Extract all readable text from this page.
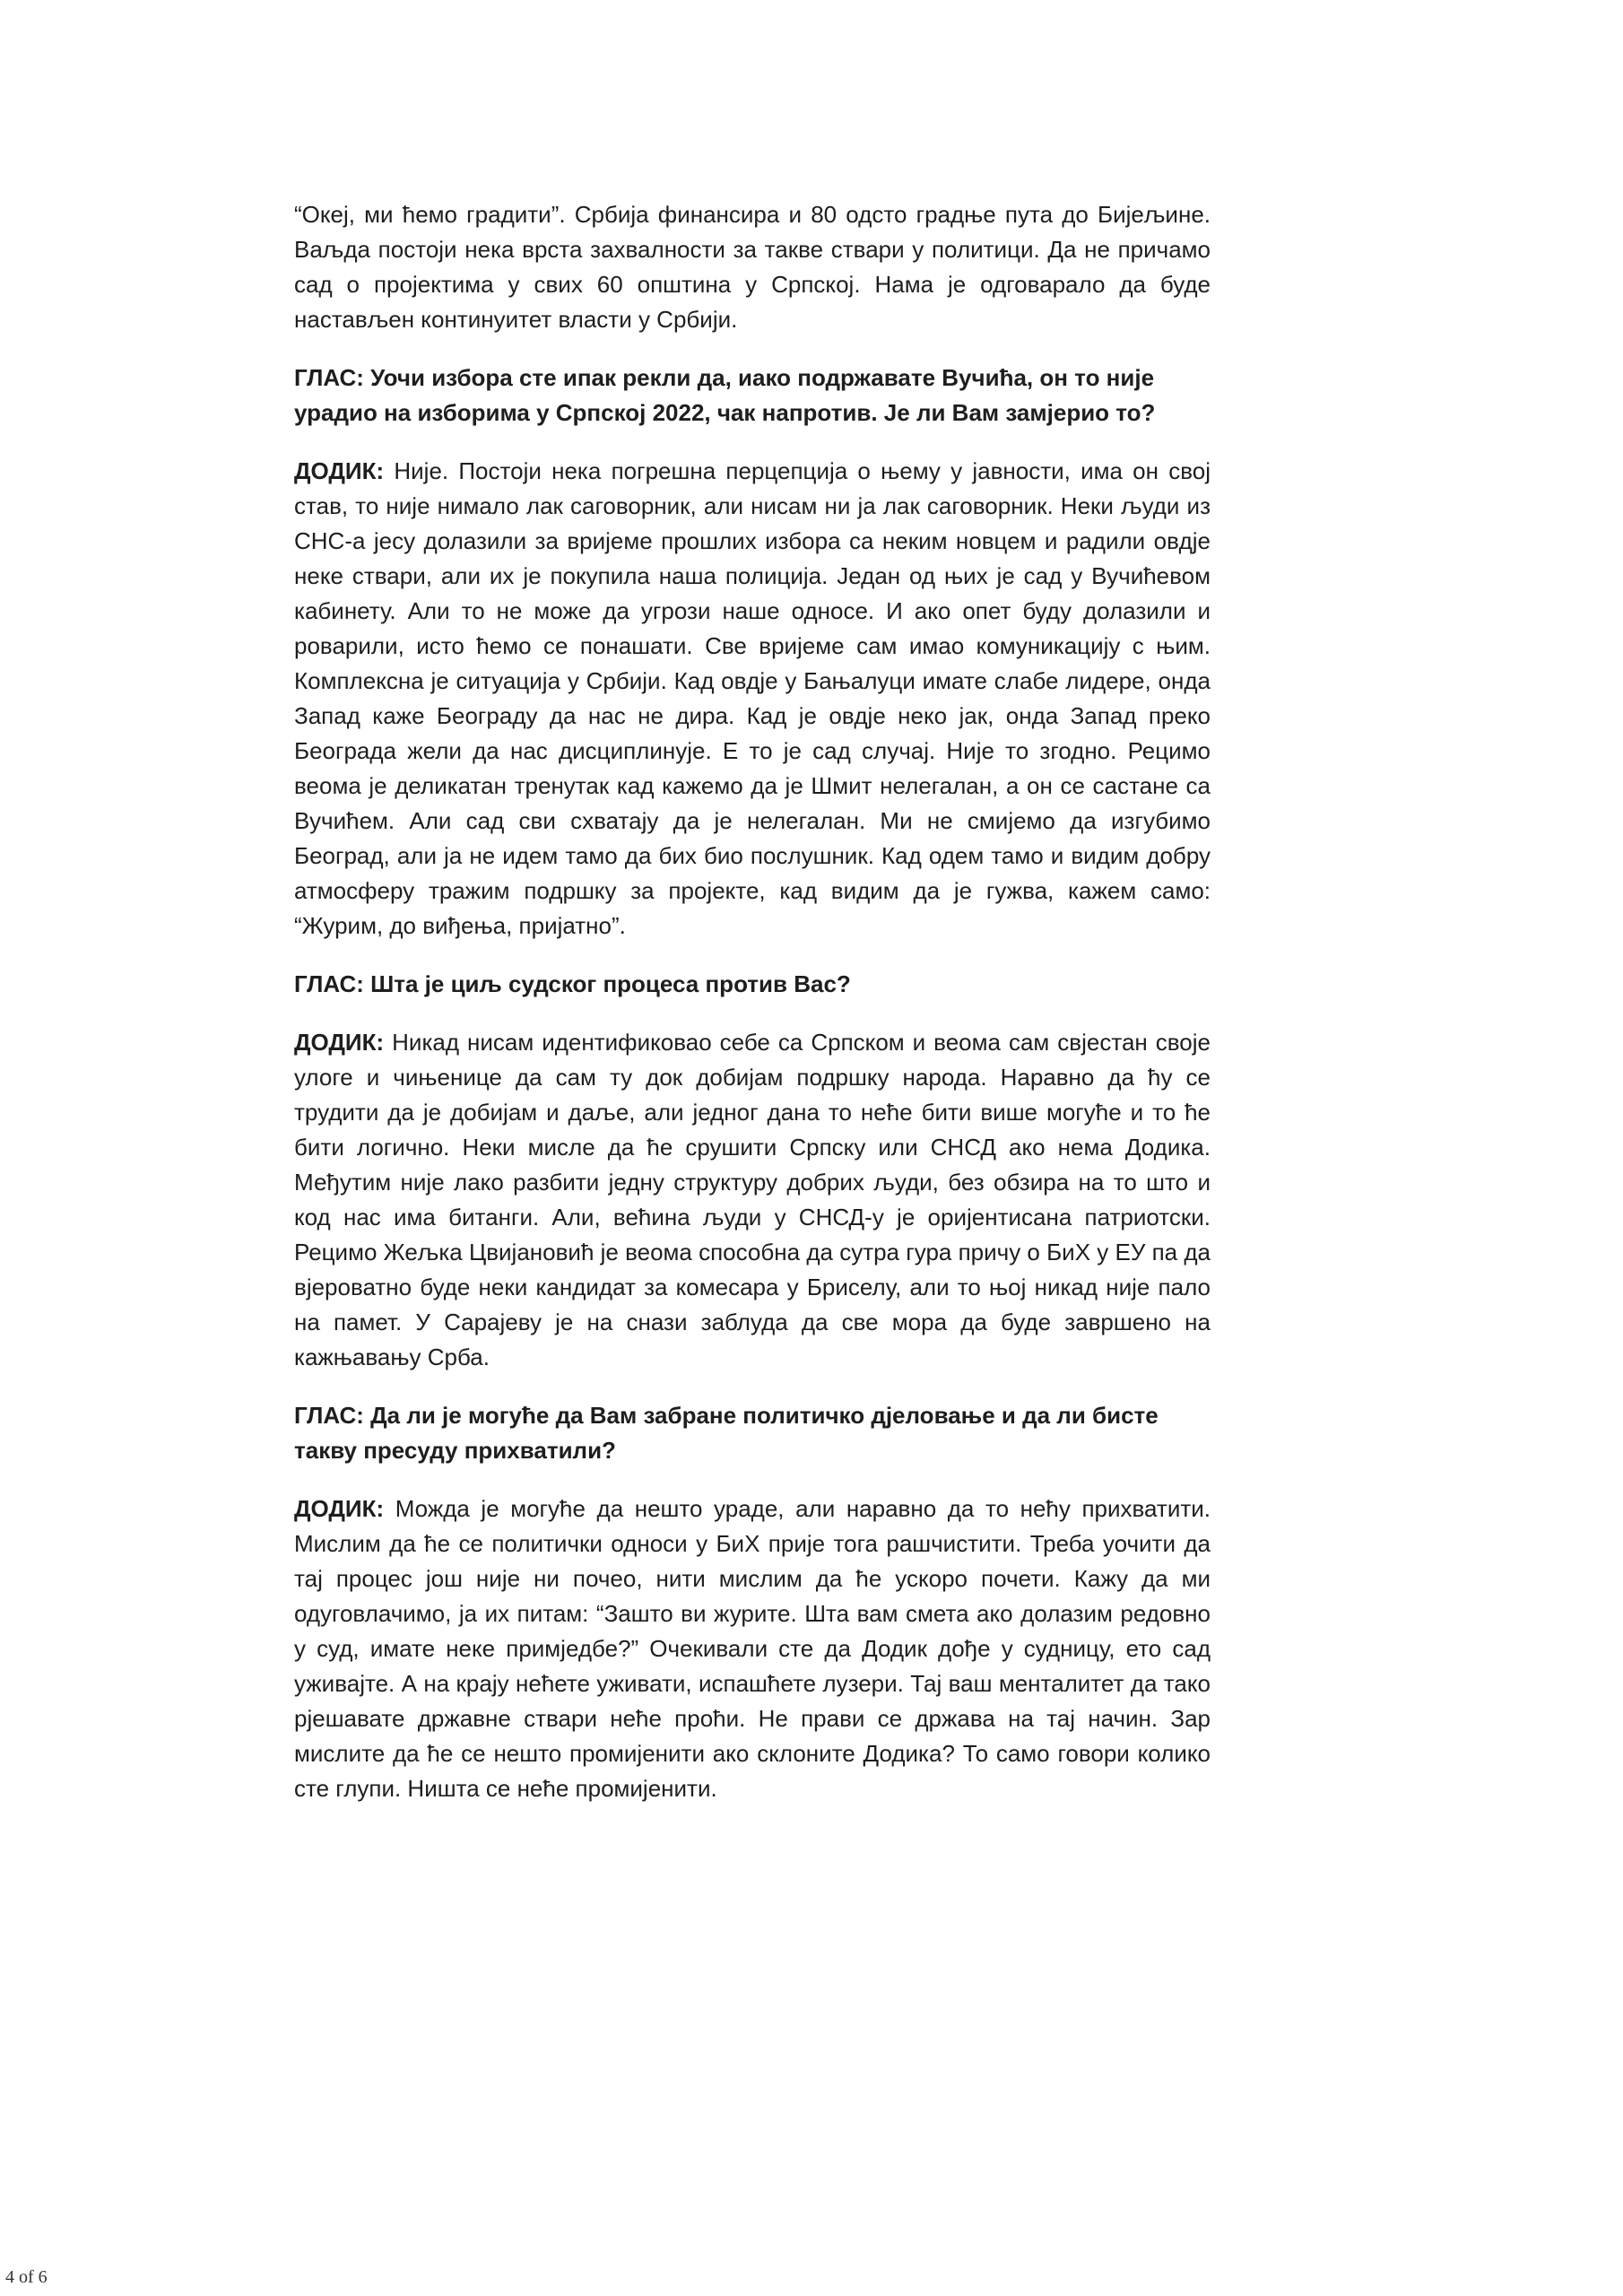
“Океј, ми ћемо градити”. Србија финансира и 80 одсто градње пута до Бијељине. Ваљда постоји нека врста захвалности за такве ствари у политици. Да не причамо сад о пројектима у свих 60 општина у Српској. Нама је одговарало да буде настављен континуитет власти у Србији.

ГЛАС: Уочи избора сте ипак рекли да, иако подржавате Вучића, он то није урадио на изборима у Српској 2022, чак напротив. Је ли Вам замјерио то?

ДОДИК: Није. Постоји нека погрешна перцепција о њему у јавности, има он свој став, то није нимало лак саговорник, али нисам ни ја лак саговорник. Неки људи из СНС-а јесу долазили за вријеме прошлих избора са неким новцем и радили овдје неке ствари, али их је покупила наша полиција. Један од њих је сад у Вучићевом кабинету. Али то не може да угрози наше односе. И ако опет буду долазили и роварили, исто ћемо се понашати. Све вријеме сам имао комуникацију с њим. Комплексна је ситуација у Србији. Кад овдје у Бањалуци имате слабе лидере, онда Запад каже Београду да нас не дира. Кад је овдје неко јак, онда Запад преко Београда жели да нас дисциплинује. Е то је сад случај. Није то згодно. Рецимо веома је деликатан тренутак кад кажемо да је Шмит нелегалан, а он се састане са Вучићем. Али сад сви схватају да је нелегалан. Ми не смијемо да изгубимо Београд, али ја не идем тамо да бих био послушник. Кад одем тамо и видим добру атмосферу тражим подршку за пројекте, кад видим да је гужва, кажем само: “Журим, до виђења, пријатно”.

ГЛАС: Шта је циљ судског процеса против Вас?

ДОДИК: Никад нисам идентификовао себе са Српском и веома сам свјестан своје улоге и чињенице да сам ту док добијам подршку народа. Наравно да ћу се трудити да је добијам и даље, али једног дана то неће бити више могуће и то ће бити логично. Неки мисле да ће срушити Српску или СНСД ако нема Додика. Међутим није лако разбити једну структуру добрих људи, без обзира на то што и код нас има битанги. Али, већина људи у СНСД-у је оријентисана патриотски. Рецимо Жељка Цвијановић је веома способна да сутра гура причу о БиХ у ЕУ па да вјероватно буде неки кандидат за комесара у Бриселу, али то њој никад није пало на памет. У Сарајеву је на снази заблуда да све мора да буде завршено на кажњавању Срба.

ГЛАС: Да ли је могуће да Вам забране политичко дјеловање и да ли бисте такву пресуду прихватили?

ДОДИК: Можда је могуће да нешто ураде, али наравно да то нећу прихватити. Мислим да ће се политички односи у БиХ прије тога рашчистити. Треба уочити да тај процес још није ни почео, нити мислим да ће ускоро почети. Кажу да ми одуговлачимо, ја их питам: “Зашто ви журите. Шта вам смета ако долазим редовно у суд, имате неке примједбе?” Очекивали сте да Додик дође у судницу, ето сад уживајте. А на крају нећете уживати, испашћете лузери. Тај ваш менталитет да тако рјешавате државне ствари неће проћи. Не прави се држава на тај начин. Зар мислите да ће се нешто промијенити ако склоните Додика? То само говори колико сте глупи. Ништа се неће промијенити.

4 of 6
